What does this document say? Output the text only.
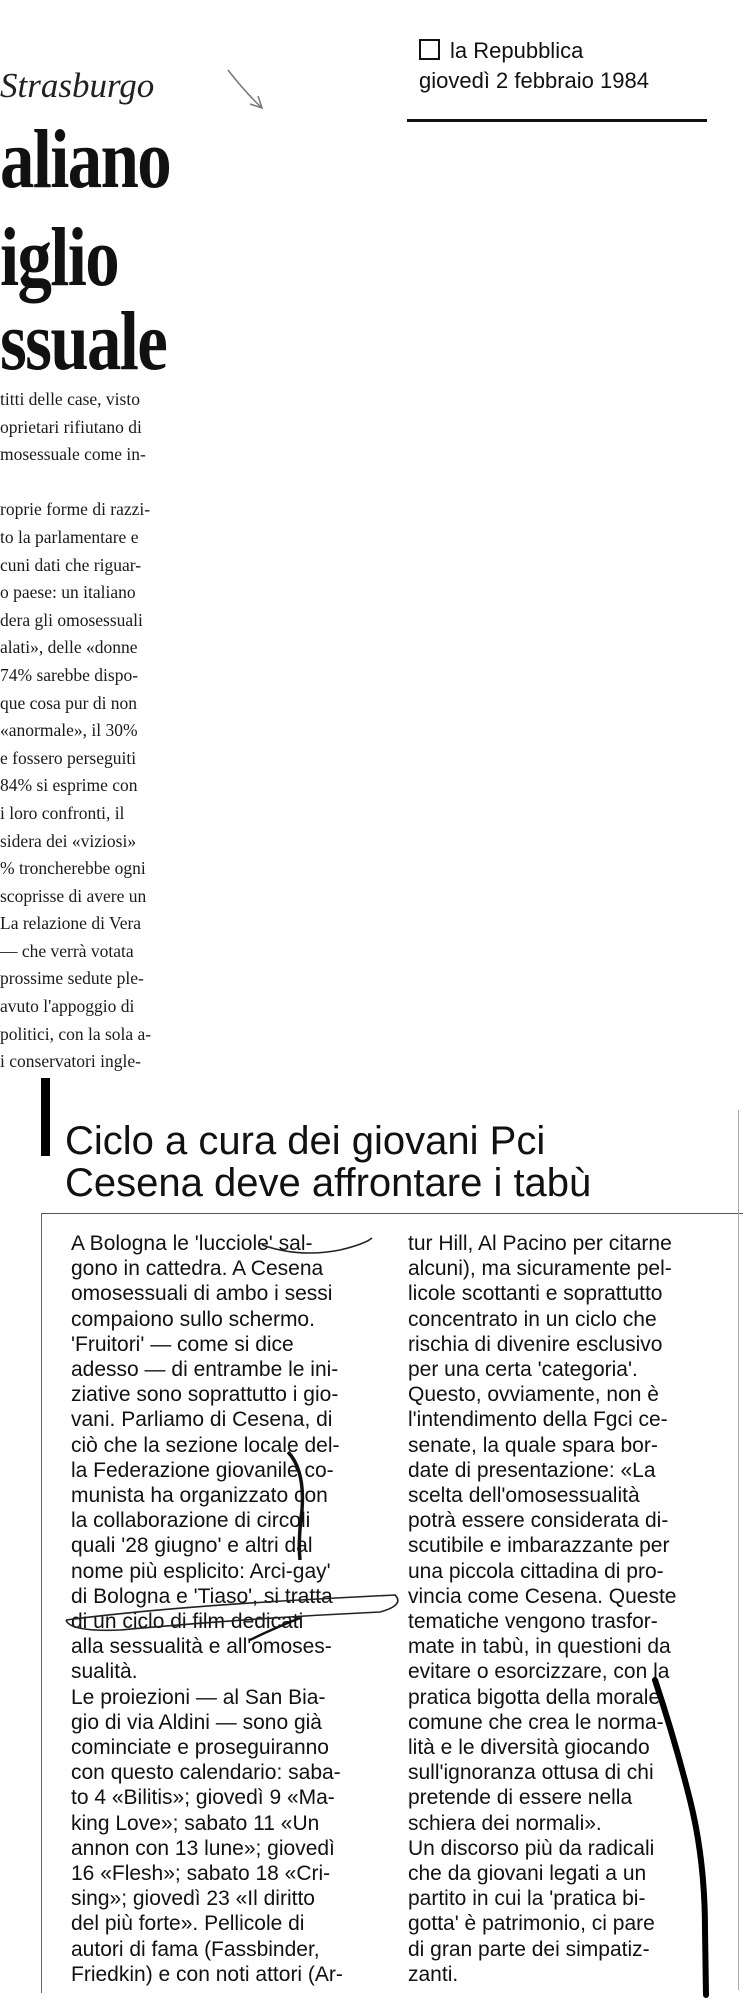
Strasburgo
aliano
iglio
ssuale
titti delle case, visto
oprietari rifiutano di
mosessuale come in-

roprie forme di razzi-
to la parlamentare e
cuni dati che riguar-
o paese: un italiano
dera gli omosessuali
alati», delle «donne
74% sarebbe dispo-
que cosa pur di non
«anormale», il 30%
e fossero perseguiti
84% si esprime con
i loro confronti, il
sidera dei «viziosi»
% troncherebbe ogni
scoprisse di avere un
La relazione di Vera
— che verrà votata
prossime sedute ple-
avuto l'appoggio di
politici, con la sola a-
i conservatori ingle-
la Repubblica
giovedì 2 febbraio 1984
Ciclo a cura dei giovani Pci
Cesena deve affrontare i tabù
A Bologna le 'lucciole' sal-
gono in cattedra. A Cesena
omosessuali di ambo i sessi
compaiono sullo schermo.
'Fruitori' — come si dice
adesso — di entrambe le ini-
ziative sono soprattutto i gio-
vani. Parliamo di Cesena, di
ciò che la sezione locale del-
la Federazione giovanile co-
munista ha organizzato con
la collaborazione di circoli
quali '28 giugno' e altri dal
nome più esplicito: Arci-gay'
di Bologna e 'Tiaso', si tratta
di un ciclo di film dedicati
alla sessualità e all'omoses-
sualità.
Le proiezioni — al San Bia-
gio di via Aldini — sono già
cominciate e proseguiranno
con questo calendario: saba-
to 4 «Bilitis»; giovedì 9 «Ma-
king Love»; sabato 11 «Un
annon con 13 lune»; giovedì
16 «Flesh»; sabato 18 «Cri-
sing»; giovedì 23 «Il diritto
del più forte». Pellicole di
autori di fama (Fassbinder,
Friedkin) e con noti attori (Ar-
tur Hill, Al Pacino per citarne
alcuni), ma sicuramente pel-
licole scottanti e soprattutto
concentrato in un ciclo che
rischia di divenire esclusivo
per una certa 'categoria'.
Questo, ovviamente, non è
l'intendimento della Fgci ce-
senate, la quale spara bor-
date di presentazione: «La
scelta dell'omosessualità
potrà essere considerata di-
scutibile e imbarazzante per
una piccola cittadina di pro-
vincia come Cesena. Queste
tematiche vengono trasfor-
mate in tabù, in questioni da
evitare o esorcizzare, con la
pratica bigotta della morale
comune che crea le norma-
lità e le diversità giocando
sull'ignoranza ottusa di chi
pretende di essere nella
schiera dei normali».
Un discorso più da radicali
che da giovani legati a un
partito in cui la 'pratica bi-
gotta' è patrimonio, ci pare
di gran parte dei simpatiz-
zanti.
